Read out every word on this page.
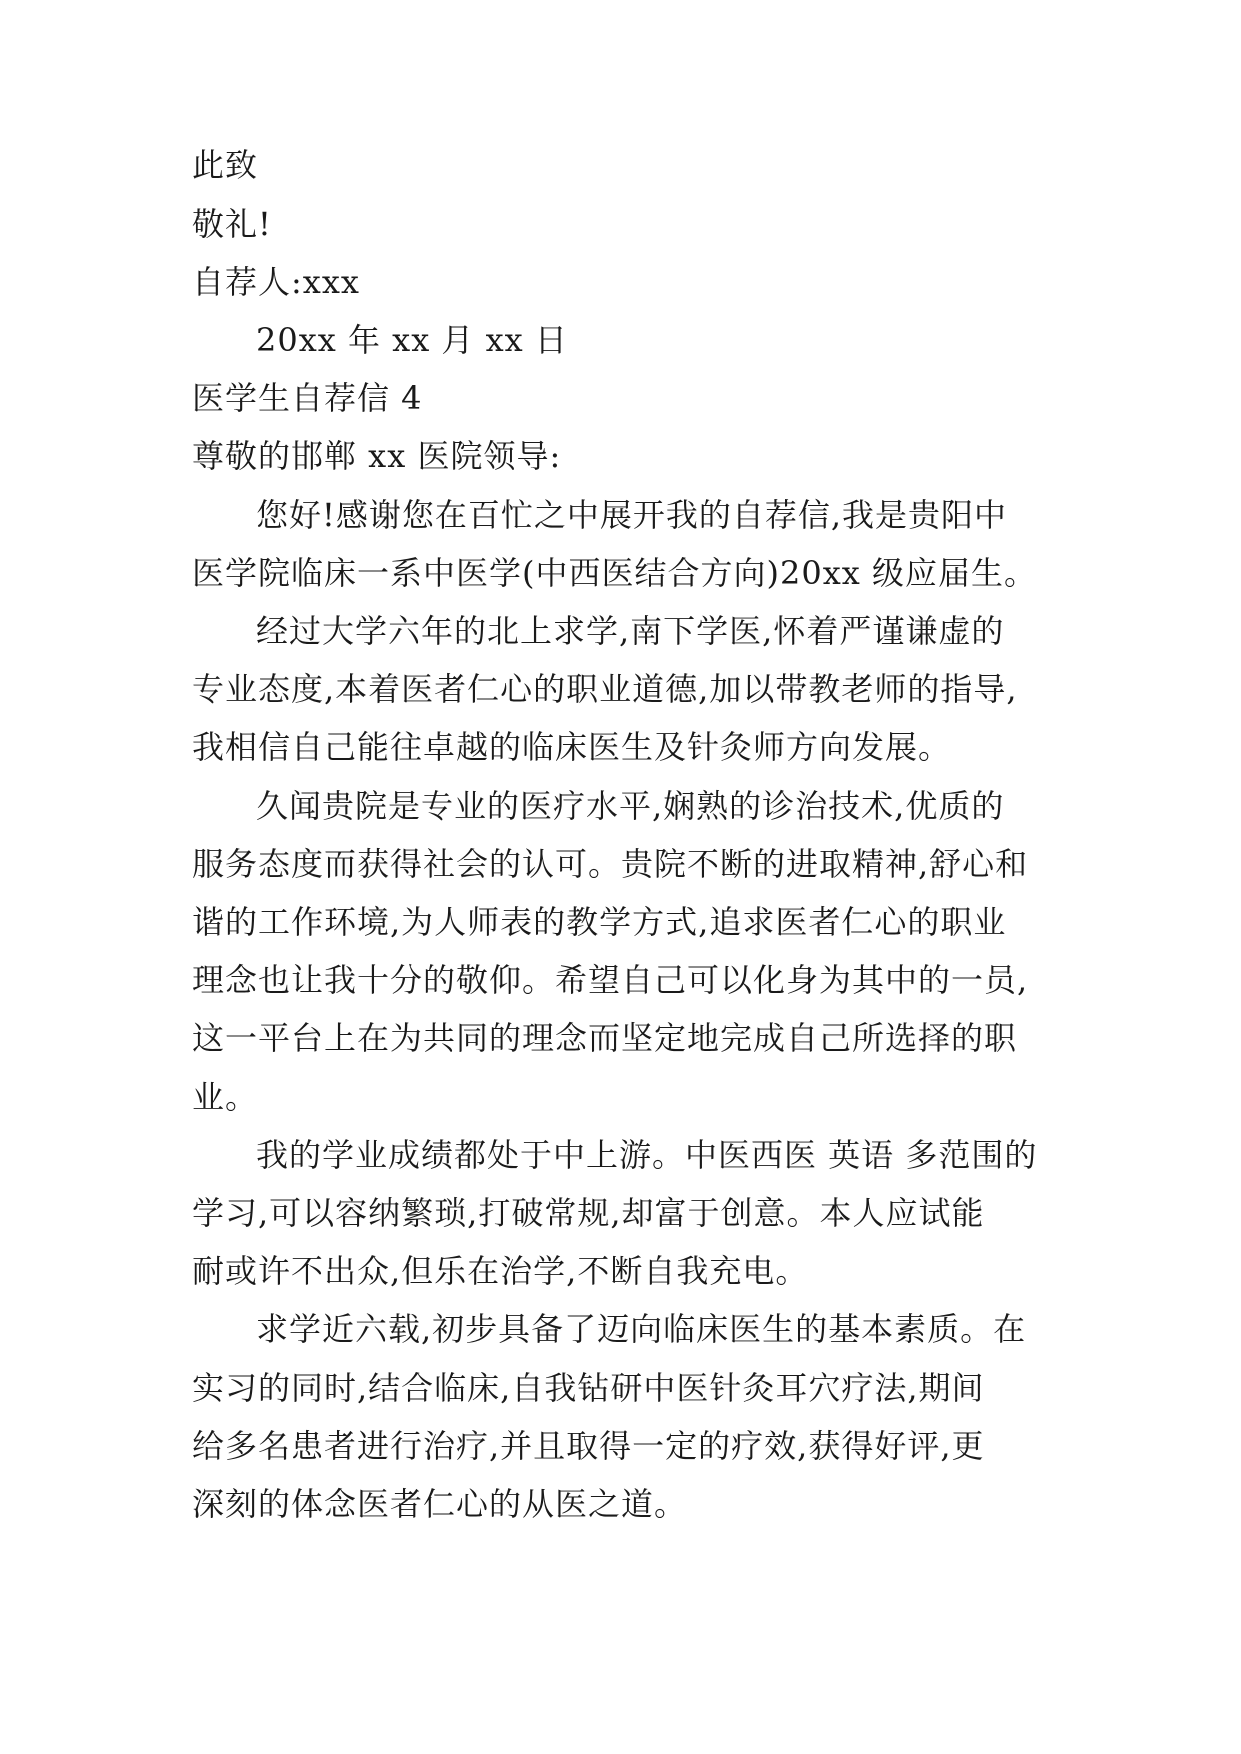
此致
敬礼!
自荐人:xxx
20xx 年 xx 月 xx 日
医学生自荐信 4
尊敬的邯郸 xx 医院领导:
您好!感谢您在百忙之中展开我的自荐信,我是贵阳中
医学院临床一系中医学(中西医结合方向)20xx 级应届生。
经过大学六年的北上求学,南下学医,怀着严谨谦虚的
专业态度,本着医者仁心的职业道德,加以带教老师的指导,
我相信自己能往卓越的临床医生及针灸师方向发展。
久闻贵院是专业的医疗水平,娴熟的诊治技术,优质的
服务态度而获得社会的认可。贵院不断的进取精神,舒心和
谐的工作环境,为人师表的教学方式,追求医者仁心的职业
理念也让我十分的敬仰。希望自己可以化身为其中的一员,
这一平台上在为共同的理念而坚定地完成自己所选择的职
业。
我的学业成绩都处于中上游。中医西医 英语 多范围的
学习,可以容纳繁琐,打破常规,却富于创意。本人应试能
耐或许不出众,但乐在治学,不断自我充电。
求学近六载,初步具备了迈向临床医生的基本素质。在
实习的同时,结合临床,自我钻研中医针灸耳穴疗法,期间
给多名患者进行治疗,并且取得一定的疗效,获得好评,更
深刻的体念医者仁心的从医之道。
